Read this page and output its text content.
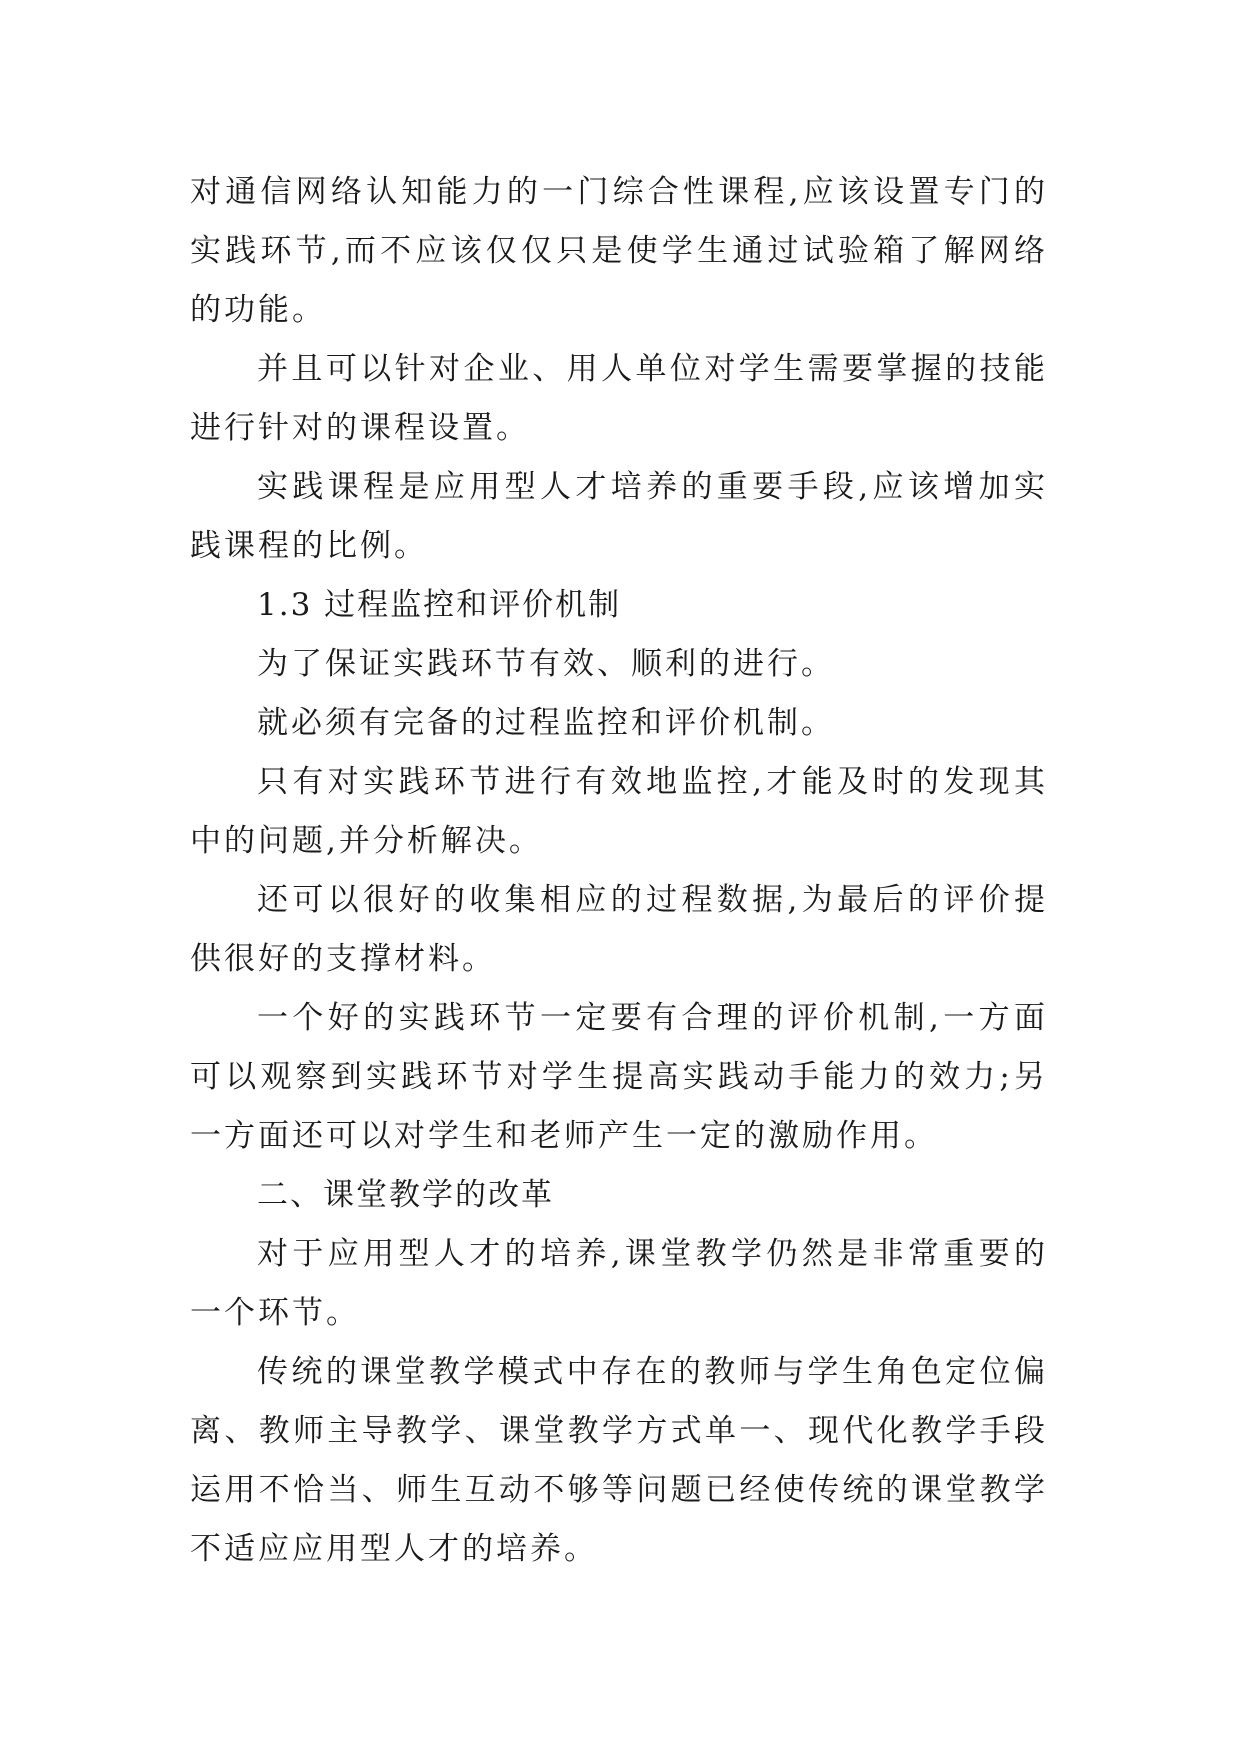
对通信网络认知能力的一门综合性课程,应该设置专门的实践环节,而不应该仅仅只是使学生通过试验箱了解网络的功能。

并且可以针对企业、用人单位对学生需要掌握的技能进行针对的课程设置。

实践课程是应用型人才培养的重要手段,应该增加实践课程的比例。

1.3 过程监控和评价机制

为了保证实践环节有效、顺利的进行。

就必须有完备的过程监控和评价机制。

只有对实践环节进行有效地监控,才能及时的发现其中的问题,并分析解决。

还可以很好的收集相应的过程数据,为最后的评价提供很好的支撑材料。

一个好的实践环节一定要有合理的评价机制,一方面可以观察到实践环节对学生提高实践动手能力的效力;另一方面还可以对学生和老师产生一定的激励作用。

二、课堂教学的改革

对于应用型人才的培养,课堂教学仍然是非常重要的一个环节。

传统的课堂教学模式中存在的教师与学生角色定位偏离、教师主导教学、课堂教学方式单一、现代化教学手段运用不恰当、师生互动不够等问题已经使传统的课堂教学不适应应用型人才的培养。
